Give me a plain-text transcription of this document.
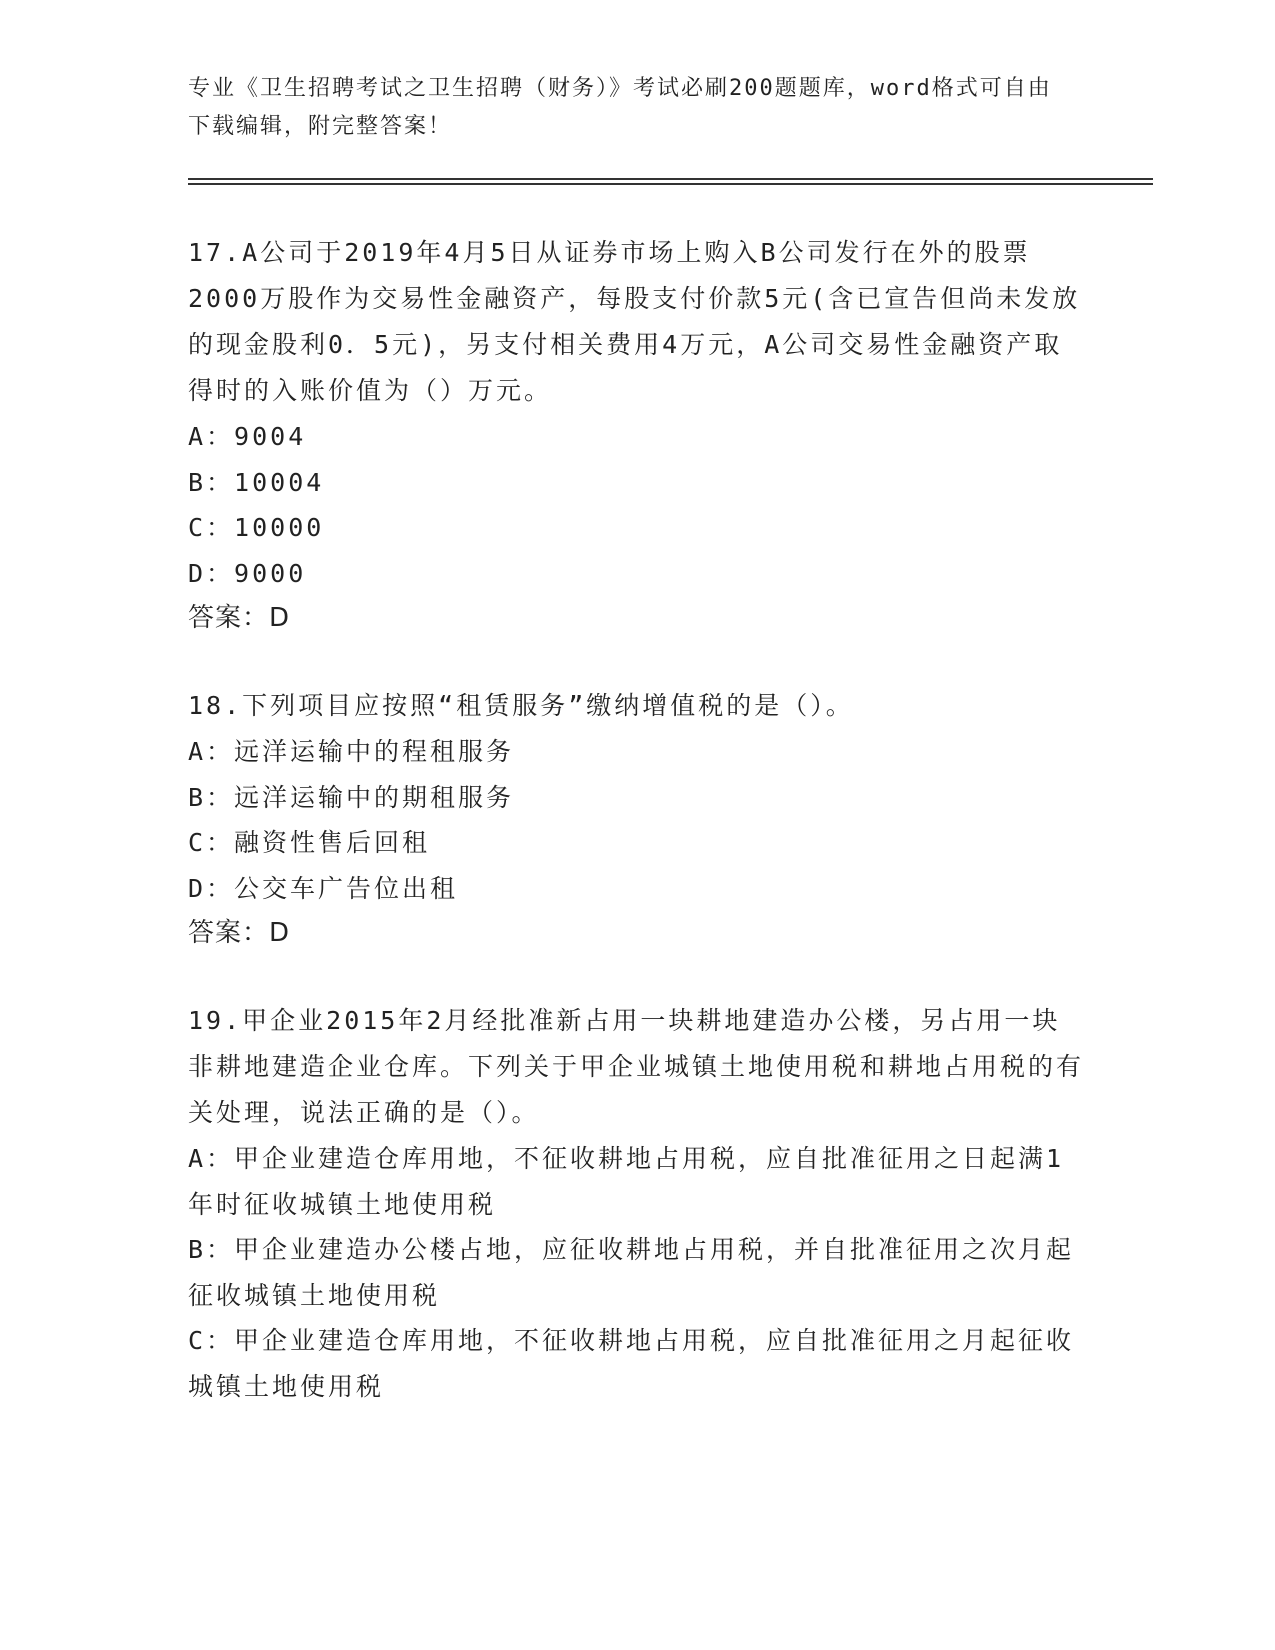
专业《卫生招聘考试之卫生招聘（财务）》考试必刷200题题库，word格式可自由下载编辑，附完整答案！

17.A公司于2019年4月5日从证券市场上购入B公司发行在外的股票2000万股作为交易性金融资产，每股支付价款5元(含已宣告但尚未发放的现金股利0．5元)，另支付相关费用4万元，A公司交易性金融资产取得时的入账价值为（）万元。

A：9004

B：10004

C：10000

D：9000

答案：D

18.下列项目应按照“租赁服务”缴纳增值税的是（）。

A：远洋运输中的程租服务

B：远洋运输中的期租服务

C：融资性售后回租

D：公交车广告位出租

答案：D

19.甲企业2015年2月经批准新占用一块耕地建造办公楼，另占用一块非耕地建造企业仓库。下列关于甲企业城镇土地使用税和耕地占用税的有关处理，说法正确的是（）。

A：甲企业建造仓库用地，不征收耕地占用税，应自批准征用之日起满1年时征收城镇土地使用税

B：甲企业建造办公楼占地，应征收耕地占用税，并自批准征用之次月起征收城镇土地使用税

C：甲企业建造仓库用地，不征收耕地占用税，应自批准征用之月起征收城镇土地使用税
